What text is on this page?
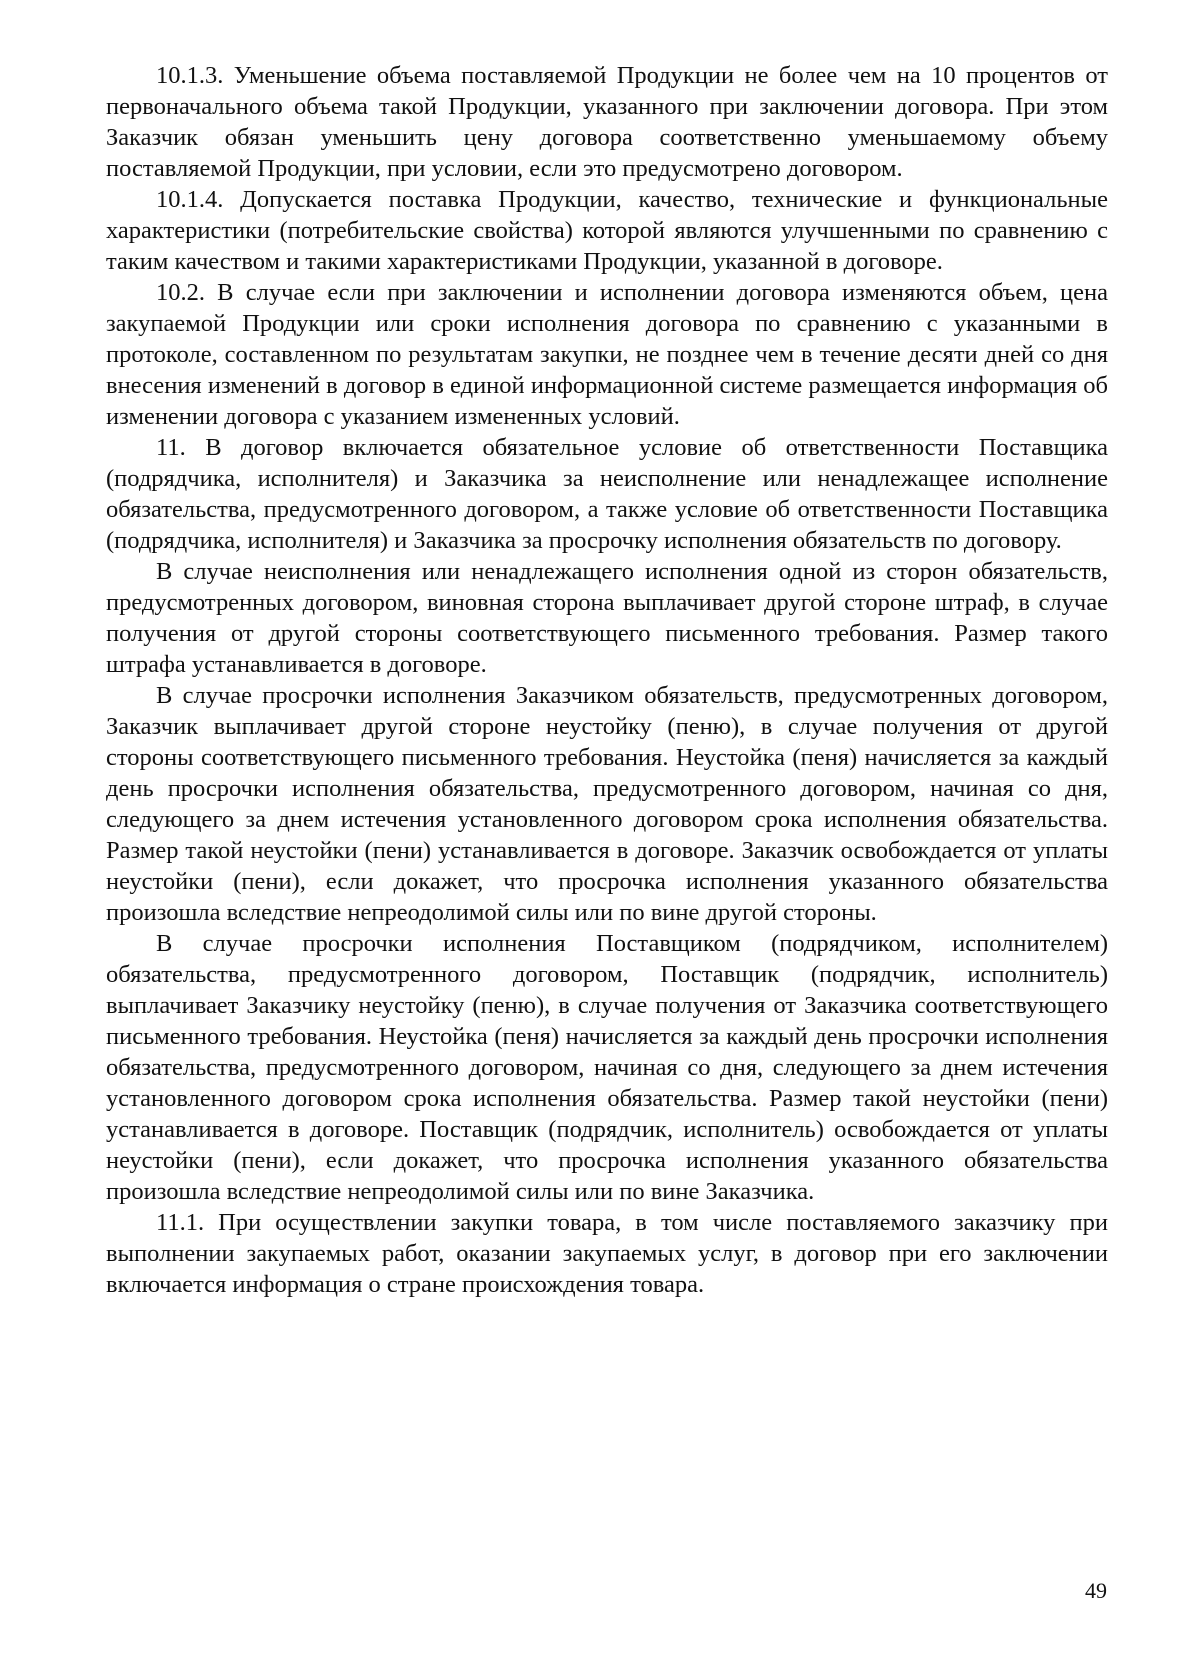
10.1.3. Уменьшение объема поставляемой Продукции не более чем на 10 процентов от первоначального объема такой Продукции, указанного при заключении договора. При этом Заказчик обязан уменьшить цену договора соответственно уменьшаемому объему поставляемой Продукции, при условии, если это предусмотрено договором.

10.1.4. Допускается поставка Продукции, качество, технические и функциональные характеристики (потребительские свойства) которой являются улучшенными по сравнению с таким качеством и такими характеристиками Продукции, указанной в договоре.

10.2. В случае если при заключении и исполнении договора изменяются объем, цена закупаемой Продукции или сроки исполнения договора по сравнению с указанными в протоколе, составленном по результатам закупки, не позднее чем в течение десяти дней со дня внесения изменений в договор в единой информационной системе размещается информация об изменении договора с указанием измененных условий.

11. В договор включается обязательное условие об ответственности Поставщика (подрядчика, исполнителя) и Заказчика за неисполнение или ненадлежащее исполнение обязательства, предусмотренного договором, а также условие об ответственности Поставщика (подрядчика, исполнителя) и Заказчика за просрочку исполнения обязательств по договору.

В случае неисполнения или ненадлежащего исполнения одной из сторон обязательств, предусмотренных договором, виновная сторона выплачивает другой стороне штраф, в случае получения от другой стороны соответствующего письменного требования. Размер такого штрафа устанавливается в договоре.

В случае просрочки исполнения Заказчиком обязательств, предусмотренных договором, Заказчик выплачивает другой стороне неустойку (пеню), в случае получения от другой стороны соответствующего письменного требования. Неустойка (пеня) начисляется за каждый день просрочки исполнения обязательства, предусмотренного договором, начиная со дня, следующего за днем истечения установленного договором срока исполнения обязательства. Размер такой неустойки (пени) устанавливается в договоре. Заказчик освобождается от уплаты неустойки (пени), если докажет, что просрочка исполнения указанного обязательства произошла вследствие непреодолимой силы или по вине другой стороны.

В случае просрочки исполнения Поставщиком (подрядчиком, исполнителем) обязательства, предусмотренного договором, Поставщик (подрядчик, исполнитель) выплачивает Заказчику неустойку (пеню), в случае получения от Заказчика соответствующего письменного требования. Неустойка (пеня) начисляется за каждый день просрочки исполнения обязательства, предусмотренного договором, начиная со дня, следующего за днем истечения установленного договором срока исполнения обязательства. Размер такой неустойки (пени) устанавливается в договоре. Поставщик (подрядчик, исполнитель) освобождается от уплаты неустойки (пени), если докажет, что просрочка исполнения указанного обязательства произошла вследствие непреодолимой силы или по вине Заказчика.

11.1. При осуществлении закупки товара, в том числе поставляемого заказчику при выполнении закупаемых работ, оказании закупаемых услуг, в договор при его заключении включается информация о стране происхождения товара.

49
